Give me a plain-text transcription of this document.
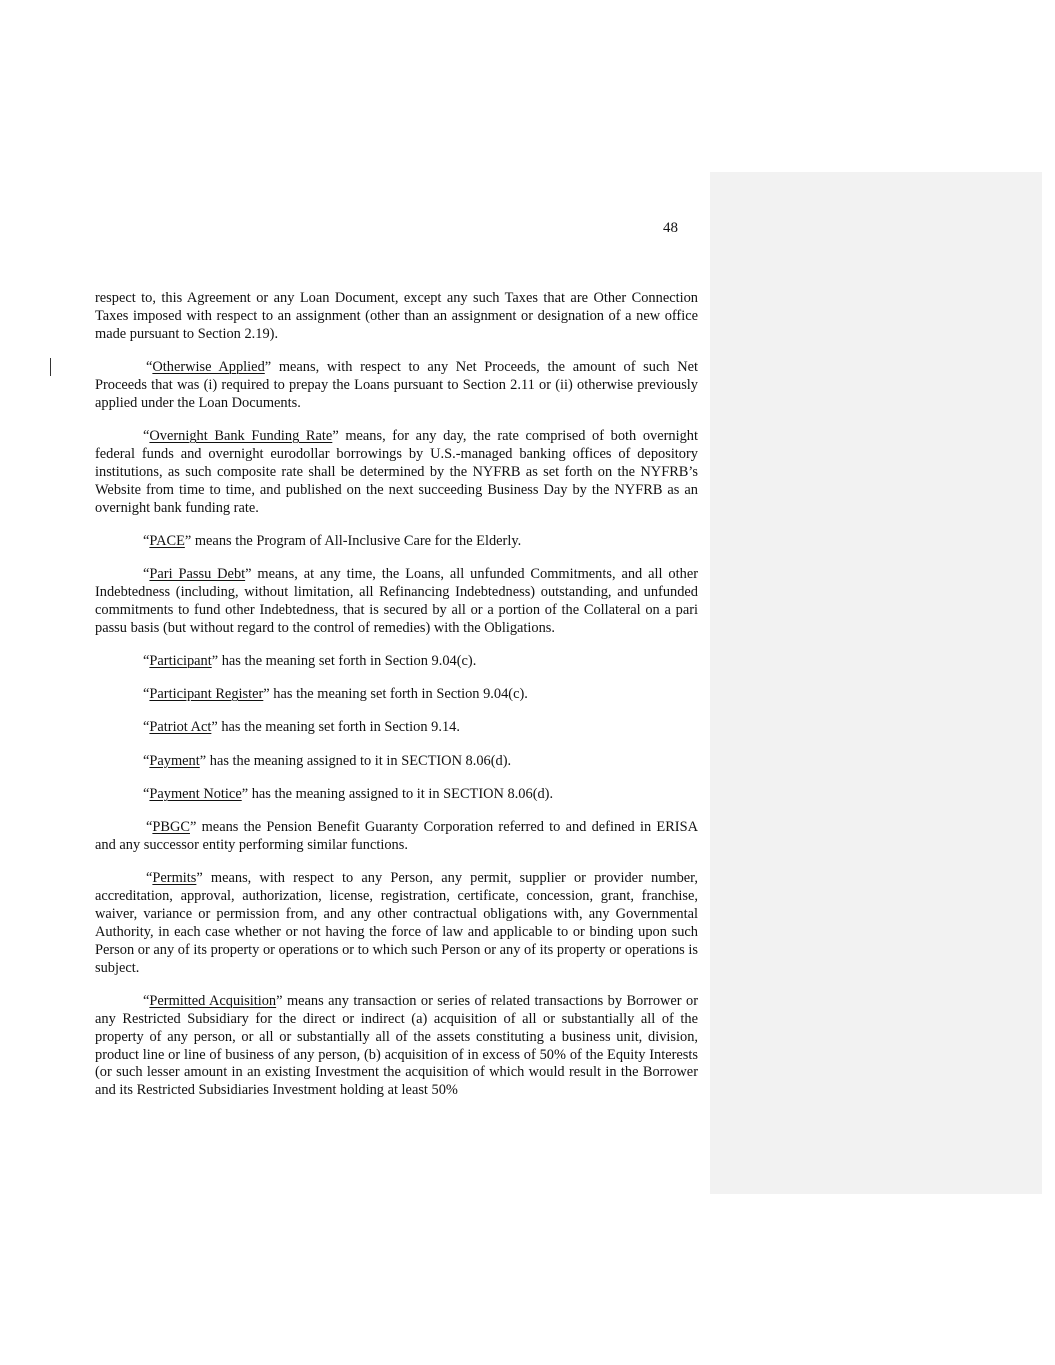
48

respect to, this Agreement or any Loan Document, except any such Taxes that are Other Connection Taxes imposed with respect to an assignment (other than an assignment or designation of a new office made pursuant to Section 2.19).

“Otherwise Applied” means, with respect to any Net Proceeds, the amount of such Net Proceeds that was (i) required to prepay the Loans pursuant to Section 2.11 or (ii) otherwise previously applied under the Loan Documents.

“Overnight Bank Funding Rate” means, for any day, the rate comprised of both overnight federal funds and overnight eurodollar borrowings by U.S.-managed banking offices of depository institutions, as such composite rate shall be determined by the NYFRB as set forth on the NYFRB’s Website from time to time, and published on the next succeeding Business Day by the NYFRB as an overnight bank funding rate.

“PACE” means the Program of All-Inclusive Care for the Elderly.

“Pari Passu Debt” means, at any time, the Loans, all unfunded Commitments, and all other Indebtedness (including, without limitation, all Refinancing Indebtedness) outstanding, and unfunded commitments to fund other Indebtedness, that is secured by all or a portion of the Collateral on a pari passu basis (but without regard to the control of remedies) with the Obligations.

“Participant” has the meaning set forth in Section 9.04(c).

“Participant Register” has the meaning set forth in Section 9.04(c).

“Patriot Act” has the meaning set forth in Section 9.14.

“Payment” has the meaning assigned to it in SECTION 8.06(d).

“Payment Notice” has the meaning assigned to it in SECTION 8.06(d).

“PBGC” means the Pension Benefit Guaranty Corporation referred to and defined in ERISA and any successor entity performing similar functions.

“Permits” means, with respect to any Person, any permit, supplier or provider number, accreditation, approval, authorization, license, registration, certificate, concession, grant, franchise, waiver, variance or permission from, and any other contractual obligations with, any Governmental Authority, in each case whether or not having the force of law and applicable to or binding upon such Person or any of its property or operations or to which such Person or any of its property or operations is subject.

“Permitted Acquisition” means any transaction or series of related transactions by Borrower or any Restricted Subsidiary for the direct or indirect (a) acquisition of all or substantially all of the property of any person, or all or substantially all of the assets constituting a business unit, division, product line or line of business of any person, (b) acquisition of in excess of 50% of the Equity Interests (or such lesser amount in an existing Investment the acquisition of which would result in the Borrower and its Restricted Subsidiaries Investment holding at least 50%
